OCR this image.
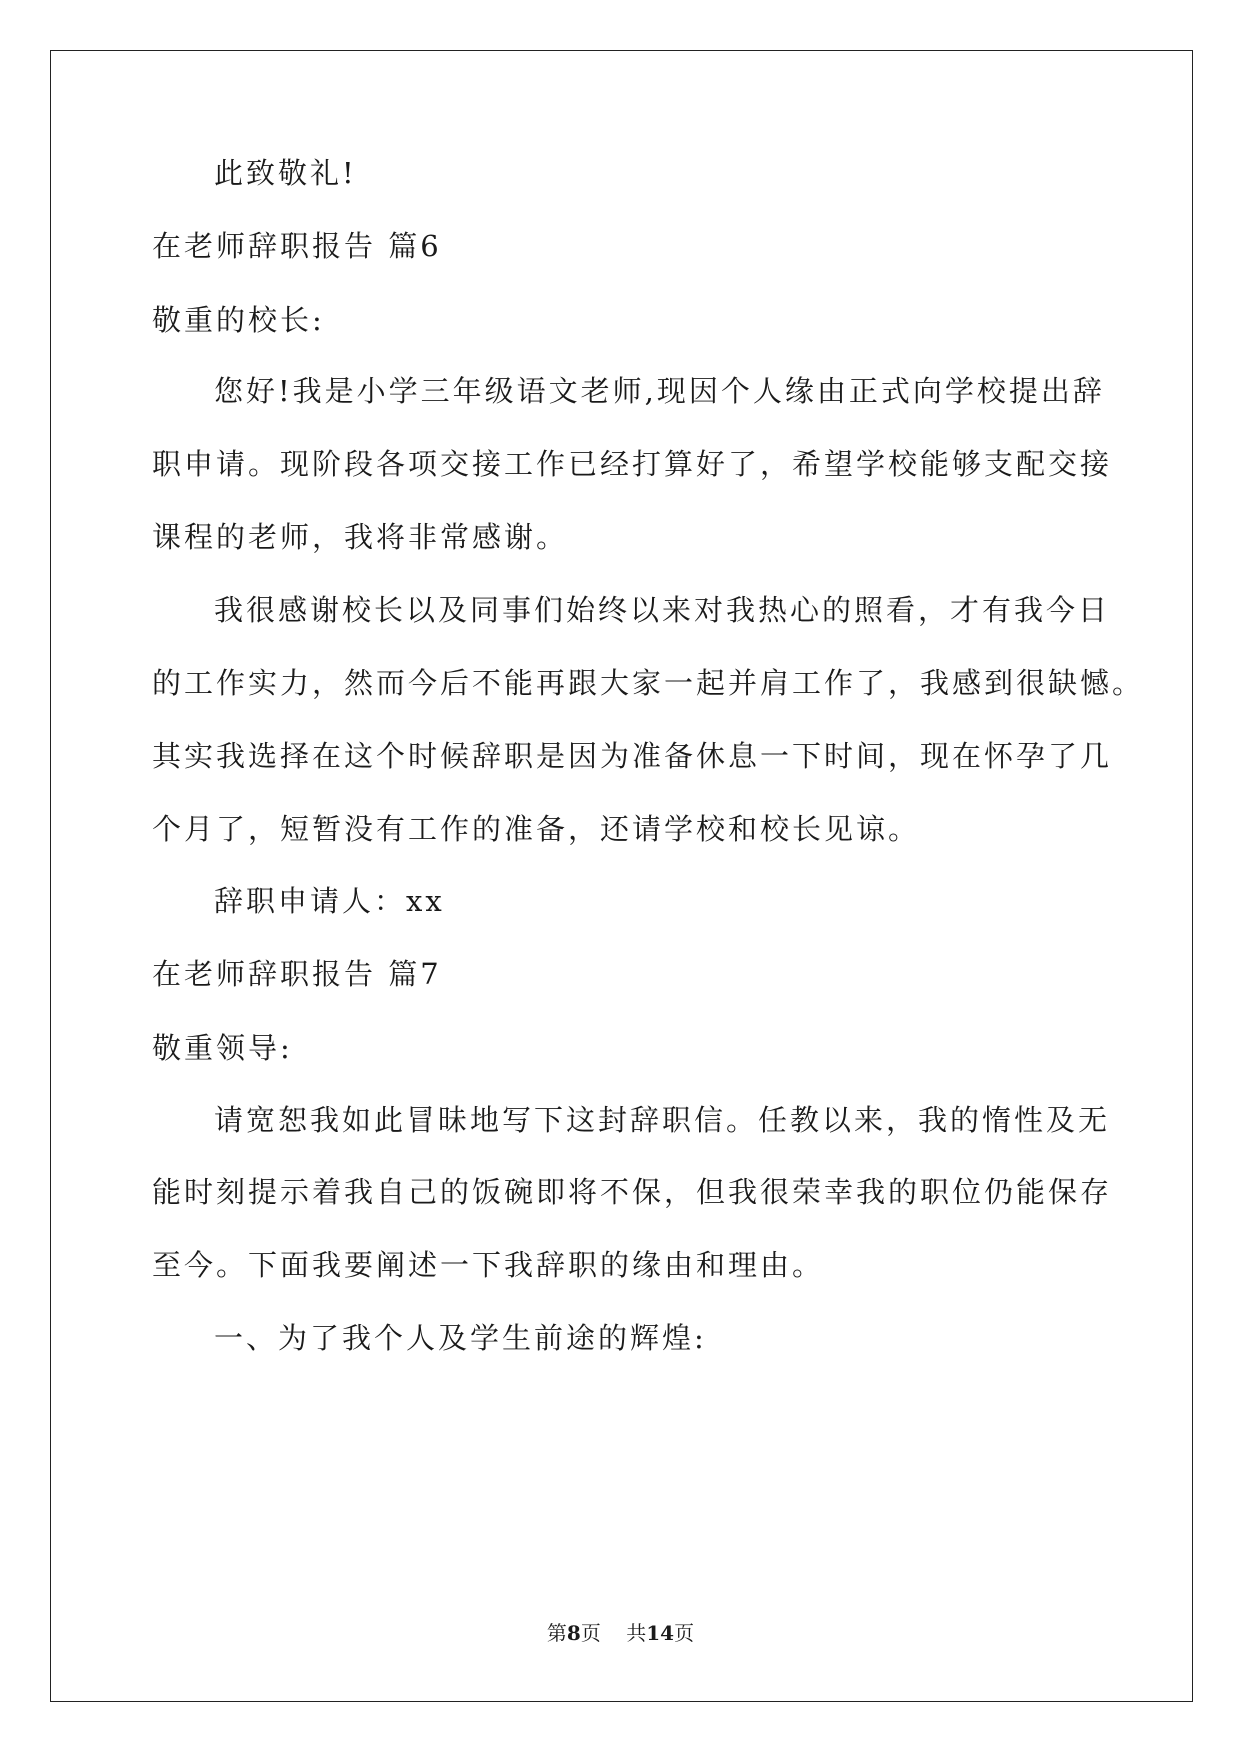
此致敬礼!
在老师辞职报告 篇6
敬重的校长:
您好!我是小学三年级语文老师,现因个人缘由正式向学校提出辞
职申请。现阶段各项交接工作已经打算好了，希望学校能够支配交接
课程的老师，我将非常感谢。
我很感谢校长以及同事们始终以来对我热心的照看，才有我今日
的工作实力，然而今后不能再跟大家一起并肩工作了，我感到很缺憾。
其实我选择在这个时候辞职是因为准备休息一下时间，现在怀孕了几
个月了，短暂没有工作的准备，还请学校和校长见谅。
辞职申请人：xx
在老师辞职报告 篇7
敬重领导:
请宽恕我如此冒昧地写下这封辞职信。任教以来，我的惰性及无
能时刻提示着我自己的饭碗即将不保，但我很荣幸我的职位仍能保存
至今。下面我要阐述一下我辞职的缘由和理由。
一、为了我个人及学生前途的辉煌:
第8页 共14页
